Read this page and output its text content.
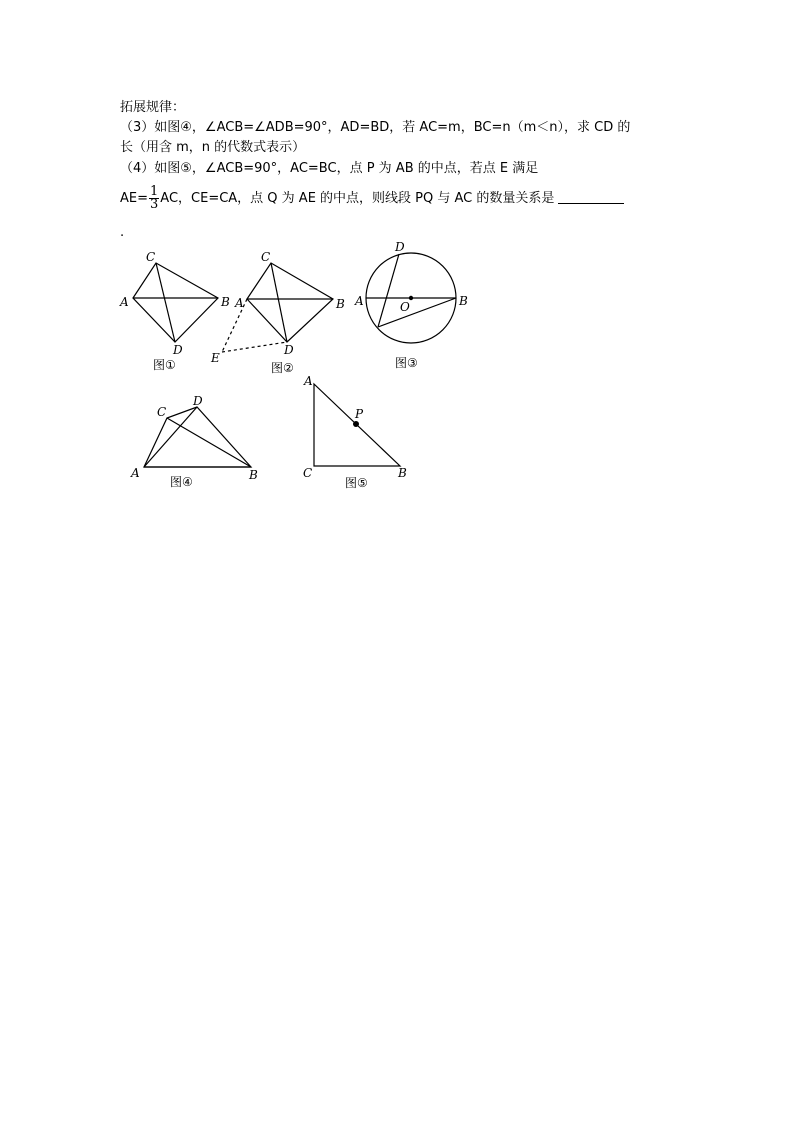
拓展规律：
（3）如图④，∠ACB=∠ADB=90°，AD=BD，若 AC=m，BC=n（m＜n），求 CD 的
长（用含 m，n 的代数式表示）
（4）如图⑤，∠ACB=90°，AC=BC，点 P 为 AB 的中点，若点 E 满足
$AE= \frac{1}{3}$ AC，CE=CA，点 Q 为 AE 的中点，则线段 PQ 与 AC 的数量关系是
.
A
C
B
D
图①
A
C
B
D
E
图②
A
D
B
O
图③
A
C
D
B
图④
A
P
C	B
图⑤
